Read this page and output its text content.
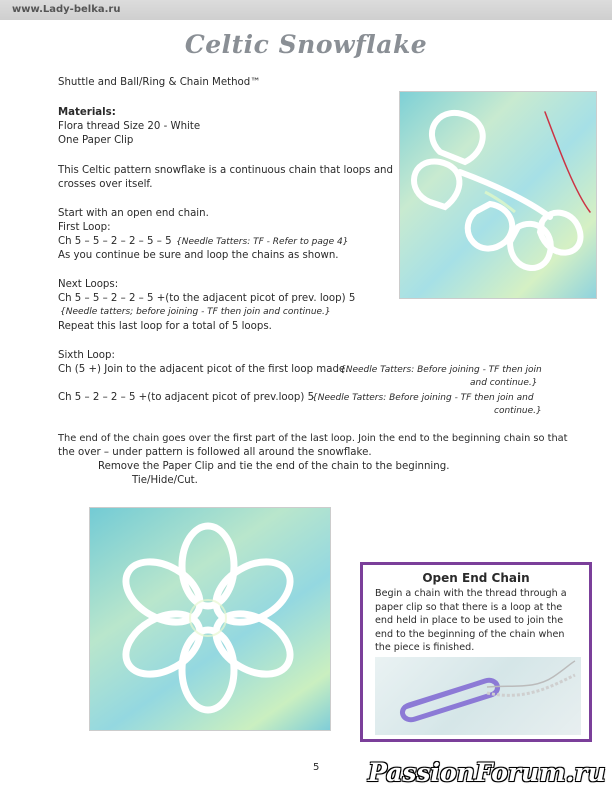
www.Lady-belka.ru
Celtic Snowflake
Shuttle and Ball/Ring & Chain Method™
Materials:
Flora thread Size 20 - White
One Paper Clip
This Celtic pattern snowflake is a continuous chain that loops and
crosses over itself.
Start with an open end chain.
First Loop:
Ch 5 – 5 – 2 – 2 – 5 – 5 {Needle Tatters: TF - Refer to page 4}
As you continue be sure and loop the chains as shown.
Next Loops:
Ch 5 – 5 – 2 – 2 – 5 +(to the adjacent picot of prev. loop) 5
{Needle tatters; before joining - TF then join and continue.}
Repeat this last loop for a total of 5 loops.
Sixth Loop:
Ch (5 +) Join to the adjacent picot of the first loop made.
{Needle Tatters: Before joining - TF then join
and continue.}
Ch 5 – 2 – 2 – 5 +(to adjacent picot of prev.loop) 5
{Needle Tatters: Before joining - TF then join and
continue.}
The end of the chain goes over the first part of the last loop. Join the end to the beginning chain so that
the over – under pattern is followed all around the snowflake.
Remove the Paper Clip and tie the end of the chain to the beginning.
Tie/Hide/Cut.
Open End Chain
Begin a chain with the thread through a
paper clip so that there is a loop at the
end held in place to be used to join the
end to the beginning of the chain when
the piece is finished.
5 PassionForum.ru
